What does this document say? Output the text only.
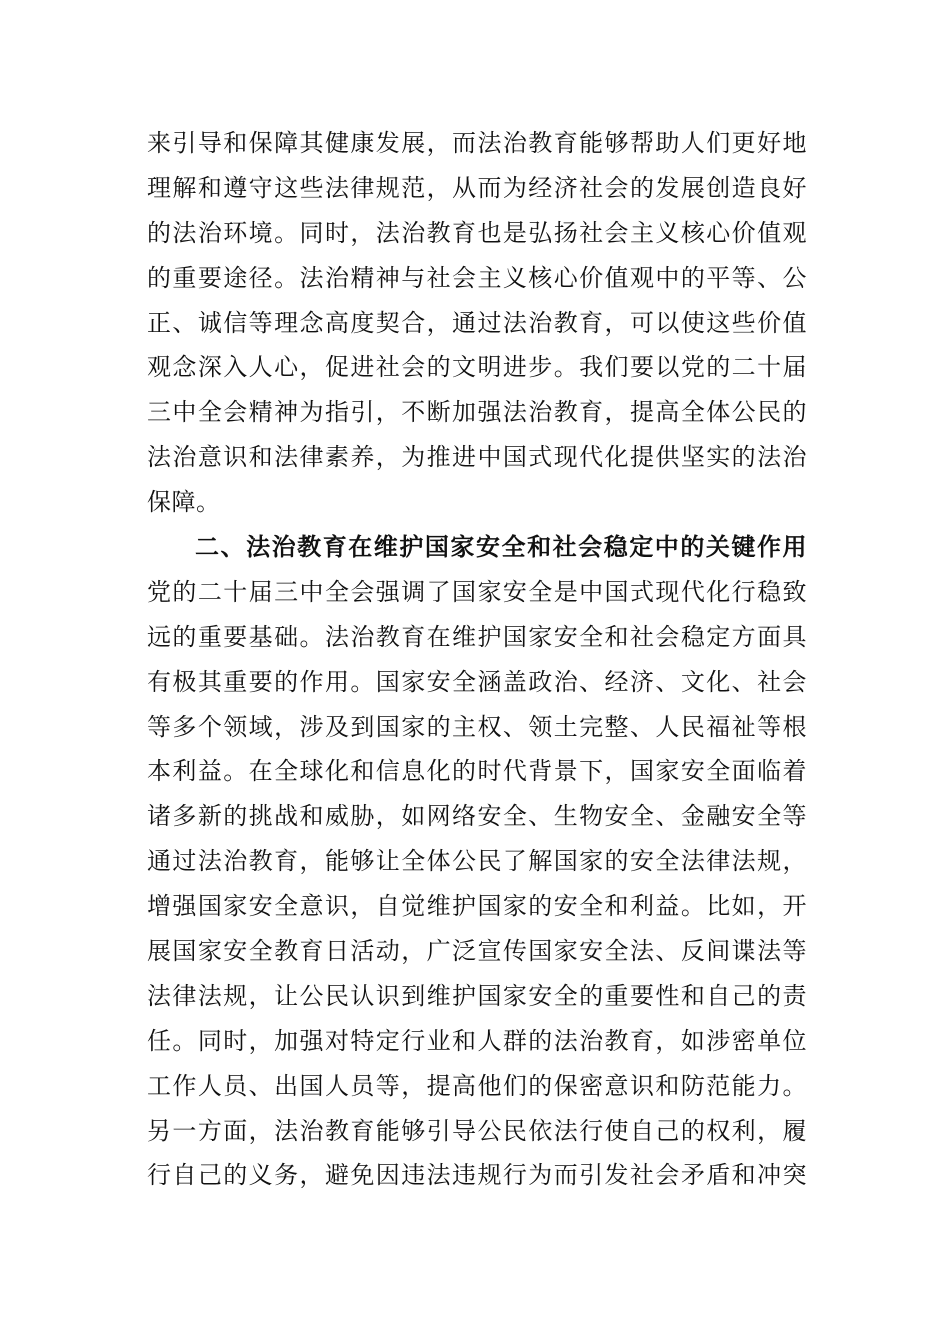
来引导和保障其健康发展，而法治教育能够帮助人们更好地
理解和遵守这些法律规范，从而为经济社会的发展创造良好
的法治环境。同时，法治教育也是弘扬社会主义核心价值观
的重要途径。法治精神与社会主义核心价值观中的平等、公
正、诚信等理念高度契合，通过法治教育，可以使这些价值
观念深入人心，促进社会的文明进步。我们要以党的二十届
三中全会精神为指引，不断加强法治教育，提高全体公民的
法治意识和法律素养，为推进中国式现代化提供坚实的法治
保障。
二、法治教育在维护国家安全和社会稳定中的关键作用
党的二十届三中全会强调了国家安全是中国式现代化行稳致
远的重要基础。法治教育在维护国家安全和社会稳定方面具
有极其重要的作用。国家安全涵盖政治、经济、文化、社会
等多个领域，涉及到国家的主权、领土完整、人民福祉等根
本利益。在全球化和信息化的时代背景下，国家安全面临着
诸多新的挑战和威胁，如网络安全、生物安全、金融安全等
通过法治教育，能够让全体公民了解国家的安全法律法规，
增强国家安全意识，自觉维护国家的安全和利益。比如，开
展国家安全教育日活动，广泛宣传国家安全法、反间谍法等
法律法规，让公民认识到维护国家安全的重要性和自己的责
任。同时，加强对特定行业和人群的法治教育，如涉密单位
工作人员、出国人员等，提高他们的保密意识和防范能力。
另一方面，法治教育能够引导公民依法行使自己的权利，履
行自己的义务，避免因违法违规行为而引发社会矛盾和冲突
